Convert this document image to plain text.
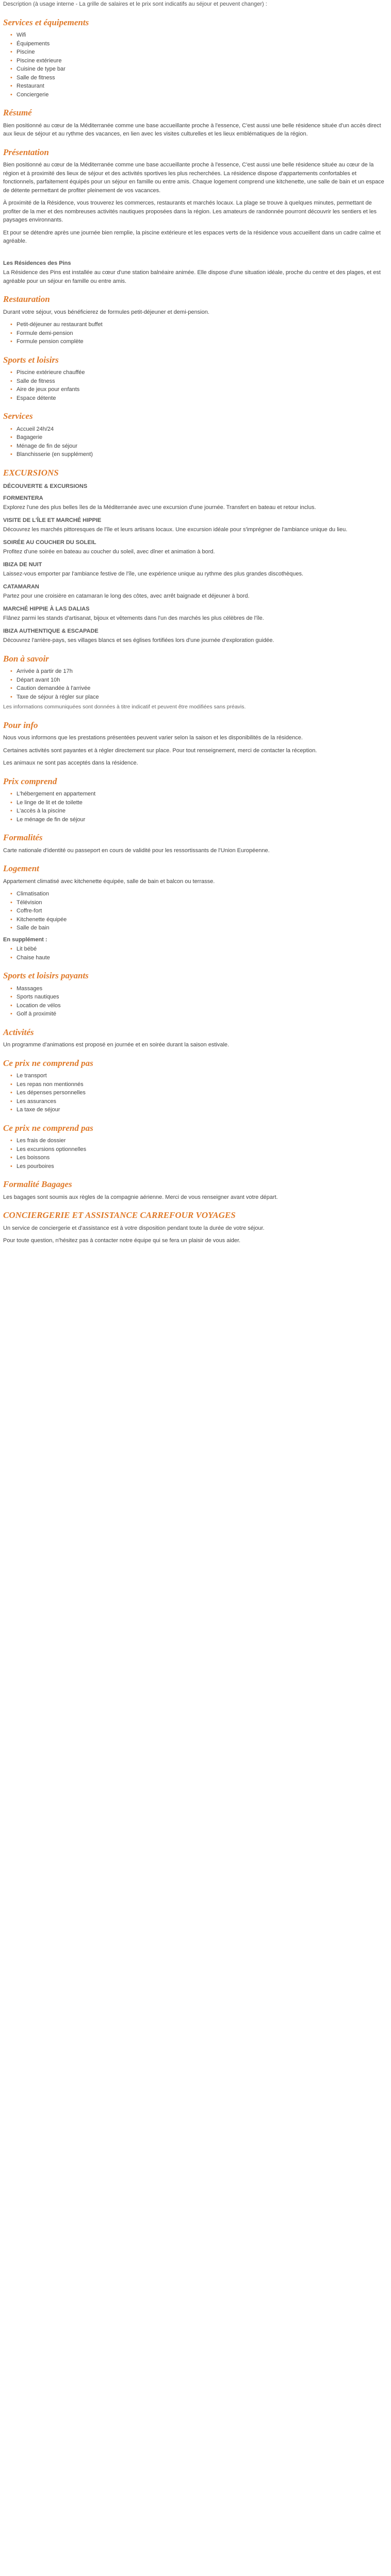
Description (à usage interne - La grille de salaires et le prix sont indicatifs au séjour et peuvent changer) :

Services et équipements
• Wifi
• Équipements
• Piscine
• Piscine extérieure
• Cuisine de type bar
• Salle de fitness
• Restaurant
• Conciergerie
Résumé

Bien positionné au cœur de la Méditerranée comme une base accueillante proche à l'essence, C'est aussi une belle résidence située d'un accès direct aux lieux de séjour et au rythme des vacances, en lien avec les visites culturelles et les lieux emblématiques de la région.

Présentation

Bien positionné au cœur de la Méditerranée comme une base accueillante proche à l'essence, C'est aussi une belle résidence située au cœur de la région et à proximité des lieux de séjour et des activités sportives les plus recherchées. La résidence dispose d'appartements confortables et fonctionnels, parfaitement équipés pour un séjour en famille ou entre amis. Chaque logement comprend une kitchenette, une salle de bain et un espace de détente permettant de profiter pleinement de vos vacances.

À proximité de la Résidence, vous trouverez les commerces, restaurants et marchés locaux. La plage se trouve à quelques minutes, permettant de profiter de la mer et des nombreuses activités nautiques proposées dans la région. Les amateurs de randonnée pourront découvrir les sentiers et les paysages environnants.

Et pour se détendre après une journée bien remplie, la piscine extérieure et les espaces verts de la résidence vous accueillent dans un cadre calme et agréable.

Les Résidences des Pins

La Résidence des Pins est installée au cœur d'une station balnéaire animée. Elle dispose d'une situation idéale, proche du centre et des plages, et est agréable pour un séjour en famille ou entre amis.

Restauration

Durant votre séjour, vous bénéficierez de formules petit-déjeuner et demi-pension.

• Petit-déjeuner au restaurant buffet
• Formule demi-pension
• Formule pension complète
Sports et loisirs
• Piscine extérieure chauffée
• Salle de fitness
• Aire de jeux pour enfants
• Espace détente
Services
• Accueil 24h/24
• Bagagerie
• Ménage de fin de séjour
• Blanchisserie (en supplément)
EXCURSIONS

DÉCOUVERTE & EXCURSIONS

FORMENTERA

Explorez l'une des plus belles îles de la Méditerranée avec une excursion d'une journée. Transfert en bateau et retour inclus.

VISITE DE L'ÎLE ET MARCHÉ HIPPIE

Découvrez les marchés pittoresques de l'île et leurs artisans locaux. Une excursion idéale pour s'imprégner de l'ambiance unique du lieu.

SOIRÉE AU COUCHER DU SOLEIL

Profitez d'une soirée en bateau au coucher du soleil, avec dîner et animation à bord.

IBIZA DE NUIT

Laissez-vous emporter par l'ambiance festive de l'île, une expérience unique au rythme des plus grandes discothèques.

CATAMARAN

Partez pour une croisière en catamaran le long des côtes, avec arrêt baignade et déjeuner à bord.

MARCHÉ HIPPIE À LAS DALIAS

Flânez parmi les stands d'artisanat, bijoux et vêtements dans l'un des marchés les plus célèbres de l'île.

IBIZA AUTHENTIQUE & ESCAPADE

Découvrez l'arrière-pays, ses villages blancs et ses églises fortifiées lors d'une journée d'exploration guidée.

Bon à savoir
• Arrivée à partir de 17h
• Départ avant 10h
• Caution demandée à l'arrivée
• Taxe de séjour à régler sur place

Les informations communiquées sont données à titre indicatif et peuvent être modifiées sans préavis.

Pour info

Nous vous informons que les prestations présentées peuvent varier selon la saison et les disponibilités de la résidence.

Certaines activités sont payantes et à régler directement sur place. Pour tout renseignement, merci de contacter la réception.

Les animaux ne sont pas acceptés dans la résidence.

Prix comprend
• L'hébergement en appartement
• Le linge de lit et de toilette
• L'accès à la piscine
• Le ménage de fin de séjour
Formalités

Carte nationale d'identité ou passeport en cours de validité pour les ressortissants de l'Union Européenne.

Logement

Appartement climatisé avec kitchenette équipée, salle de bain et balcon ou terrasse.

• Climatisation
• Télévision
• Coffre-fort
• Kitchenette équipée
• Salle de bain

En supplément :

• Lit bébé
• Chaise haute
Sports et loisirs payants
• Massages
• Sports nautiques
• Location de vélos
• Golf à proximité
Activités

Un programme d'animations est proposé en journée et en soirée durant la saison estivale.

Ce prix ne comprend pas
• Le transport
• Les repas non mentionnés
• Les dépenses personnelles
• Les assurances
• La taxe de séjour
Ce prix ne comprend pas
• Les frais de dossier
• Les excursions optionnelles
• Les boissons
• Les pourboires
Formalité Bagages

Les bagages sont soumis aux règles de la compagnie aérienne. Merci de vous renseigner avant votre départ.

CONCIERGERIE ET ASSISTANCE CARREFOUR VOYAGES

Un service de conciergerie et d'assistance est à votre disposition pendant toute la durée de votre séjour.

Pour toute question, n'hésitez pas à contacter notre équipe qui se fera un plaisir de vous aider.
